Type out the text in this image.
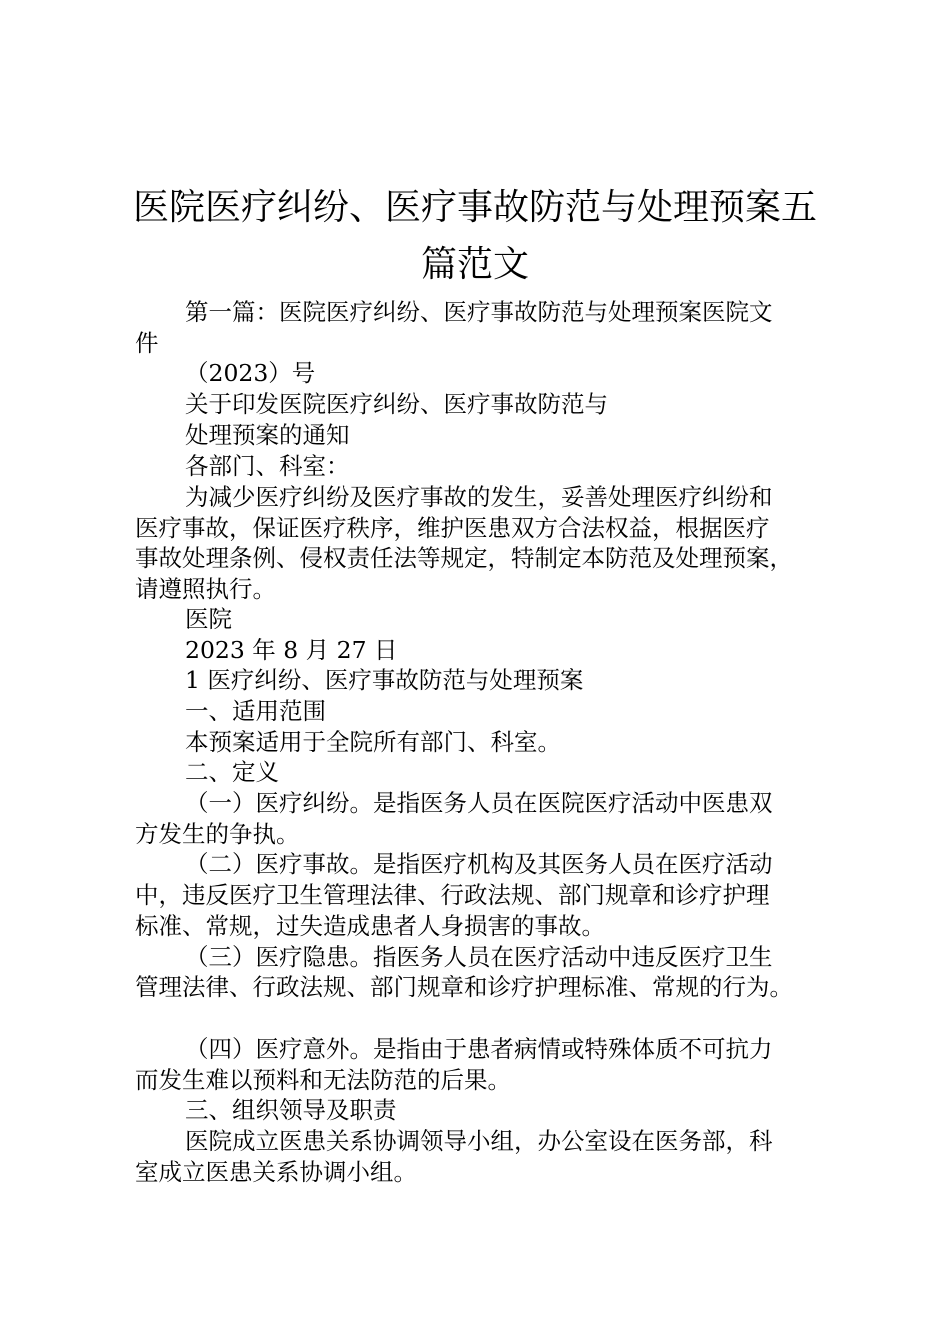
医院医疗纠纷、医疗事故防范与处理预案五
篇范文
第一篇：医院医疗纠纷、医疗事故防范与处理预案医院文
件
（2023）号
关于印发医院医疗纠纷、医疗事故防范与
处理预案的通知
各部门、科室：
为减少医疗纠纷及医疗事故的发生，妥善处理医疗纠纷和
医疗事故，保证医疗秩序，维护医患双方合法权益，根据医疗
事故处理条例、侵权责任法等规定，特制定本防范及处理预案，
请遵照执行。
医院
2023 年 8 月 27 日
1 医疗纠纷、医疗事故防范与处理预案
一、适用范围
本预案适用于全院所有部门、科室。
二、定义
（一）医疗纠纷。是指医务人员在医院医疗活动中医患双
方发生的争执。
（二）医疗事故。是指医疗机构及其医务人员在医疗活动
中，违反医疗卫生管理法律、行政法规、部门规章和诊疗护理
标准、常规，过失造成患者人身损害的事故。
（三）医疗隐患。指医务人员在医疗活动中违反医疗卫生
管理法律、行政法规、部门规章和诊疗护理标准、常规的行为。
（四）医疗意外。是指由于患者病情或特殊体质不可抗力
而发生难以预料和无法防范的后果。
三、组织领导及职责
医院成立医患关系协调领导小组，办公室设在医务部，科
室成立医患关系协调小组。
